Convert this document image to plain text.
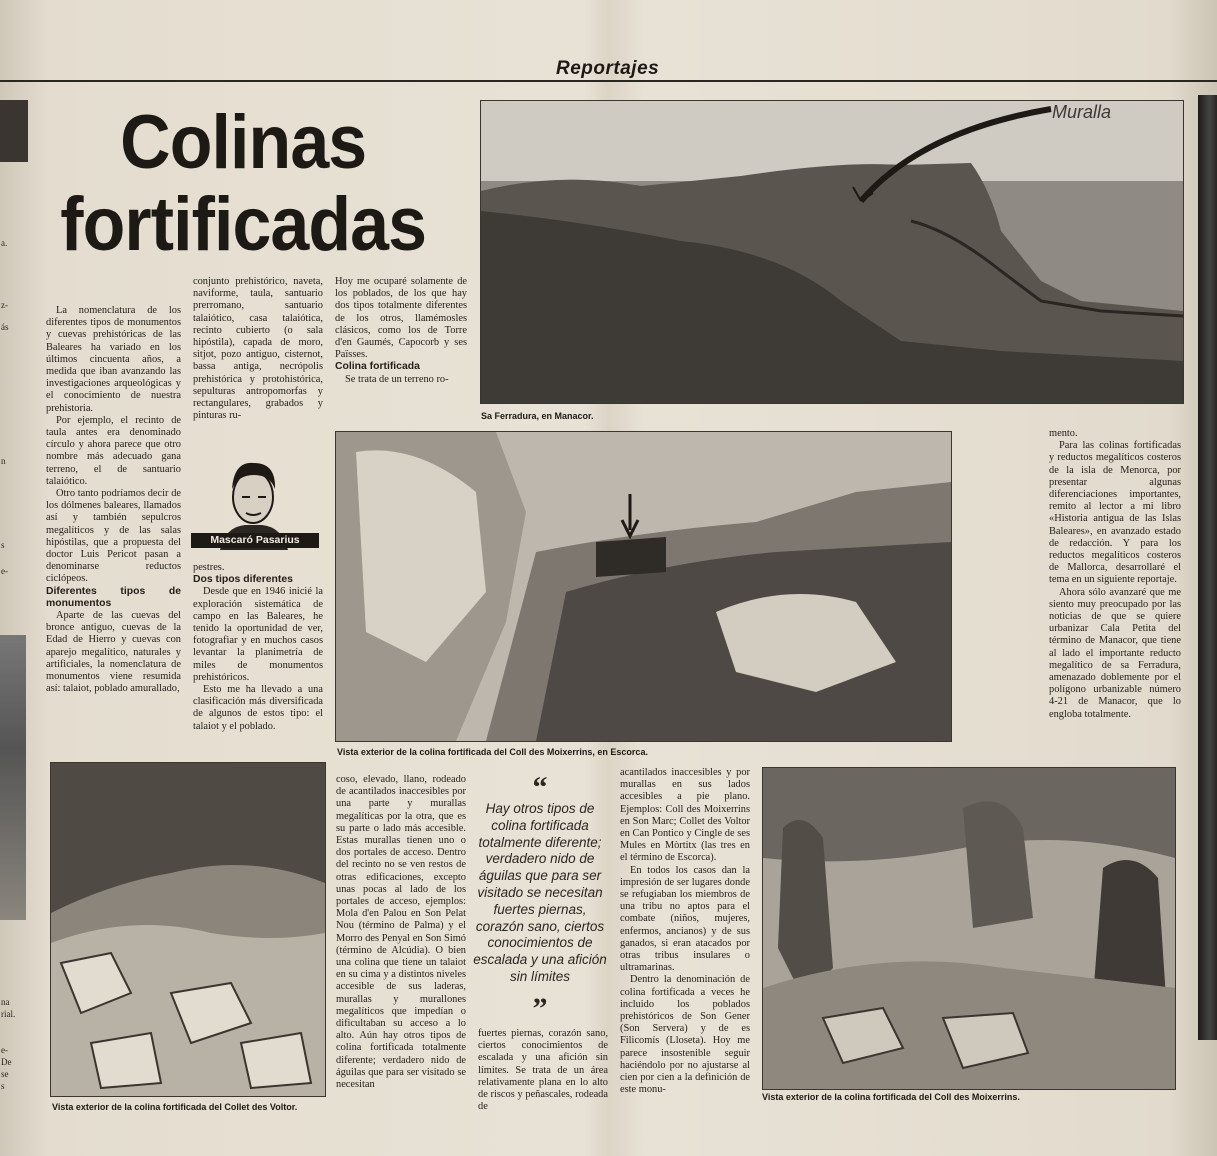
Reportajes
a.
z-
ás
n
s
e-
na
rial.
e-
De
se
s
Colinas fortificadas

La nomenclatura de los diferentes tipos de monumentos y cuevas prehistóricas de las Baleares ha variado en los últimos cincuenta años, a medida que iban avanzando las investigaciones arqueológicas y el conocimiento de nuestra prehistoria.

Por ejemplo, el recinto de taula antes era denominado círculo y ahora parece que otro nombre más adecuado gana terreno, el de santuario talaiótico.

Otro tanto podríamos decir de los dólmenes baleares, llamados así y también sepulcros megalíticos y de las salas hipóstilas, que a propuesta del doctor Luis Pericot pasan a denominarse reductos ciclópeos.

Diferentes tipos de monumentos

Aparte de las cuevas del bronce antiguo, cuevas de la Edad de Hierro y cuevas con aparejo megalítico, naturales y artificiales, la nomenclatura de monumentos viene resumida así: talaiot, poblado amurallado,

conjunto prehistórico, naveta, naviforme, taula, santuario prerromano, santuario talaiótico, casa talaiótica, recinto cubierto (o sala hipóstila), capada de moro, sitjot, pozo antiguo, cisternot, bassa antiga, necrópolis prehistórica y protohistórica, sepulturas antropomorfas y rectangulares, grabados y pinturas ru-

Mascaró Pasarius

pestres.

Dos tipos diferentes

Desde que en 1946 inicié la exploración sistemática de campo en las Baleares, he tenido la oportunidad de ver, fotografiar y en muchos casos levantar la planimetría de miles de monumentos prehistóricos.

Esto me ha llevado a una clasificación más diversificada de algunos de estos tipo: el talaiot y el poblado.

Hoy me ocuparé solamente de los poblados, de los que hay dos tipos totalmente diferentes de los otros, llamémosles clásicos, como los de Torre d'en Gaumés, Capocorb y ses Païsses.

Colina fortificada

Se trata de un terreno ro-

Muralla
Sa Ferradura, en Manacor.

mento.

Para las colinas fortificadas y reductos megalíticos costeros de la isla de Menorca, por presentar algunas diferenciaciones importantes, remito al lector a mi libro «Historia antigua de las Islas Baleares», en avanzado estado de redacción. Y para los reductos megalíticos costeros de Mallorca, desarrollaré el tema en un siguiente reportaje.

Ahora sólo avanzaré que me siento muy preocupado por las noticias de que se quiere urbanizar Cala Petita del término de Manacor, que tiene al lado el importante reducto megalítico de sa Ferradura, amenazado doblemente por el polígono urbanizable número 4-21 de Manacor, que lo engloba totalmente.

Vista exterior de la colina fortificada del Coll des Moixerrins, en Escorca.
Vista exterior de la colina fortificada del Collet des Voltor.

coso, elevado, llano, rodeado de acantilados inaccesibles por una parte y murallas megalíticas por la otra, que es su parte o lado más accesible. Estas murallas tienen uno o dos portales de acceso. Dentro del recinto no se ven restos de otras edificaciones, excepto unas pocas al lado de los portales de acceso, ejemplos: Mola d'en Palou en Son Pelat Nou (término de Palma) y el Morro des Penyal en Son Simó (término de Alcúdia). O bien una colina que tiene un talaiot en su cima y a distintos niveles accesible de sus laderas, murallas y murallones megalíticos que impedían o dificultaban su acceso a lo alto. Aún hay otros tipos de colina fortificada totalmente diferente; verdadero nido de águilas que para ser visitado se necesitan

“
Hay otros tipos de colina fortificada totalmente diferente; verdadero nido de águilas que para ser visitado se necesitan fuertes piernas, corazón sano, ciertos conocimientos de escalada y una afición sin límites
”

fuertes piernas, corazón sano, ciertos conocimientos de escalada y una afición sin límites. Se trata de un área relativamente plana en lo alto de riscos y peñascales, rodeada de

acantilados inaccesibles y por murallas en sus lados accesibles a pie plano. Ejemplos: Coll des Moixerrins en Son Marc; Collet des Voltor en Can Pontico y Cingle de ses Mules en Mòrtitx (las tres en el término de Escorca).

En todos los casos dan la impresión de ser lugares donde se refugiaban los miembros de una tribu no aptos para el combate (niños, mujeres, enfermos, ancianos) y de sus ganados, si eran atacados por otras tribus insulares o ultramarinas.

Dentro la denominación de colina fortificada a veces he incluido los poblados prehistóricos de Son Gener (Son Servera) y de es Filicomís (Lloseta). Hoy me parece insostenible seguir haciéndolo por no ajustarse al cien por cien a la definición de este monu-

Vista exterior de la colina fortificada del Coll des Moixerrins.
